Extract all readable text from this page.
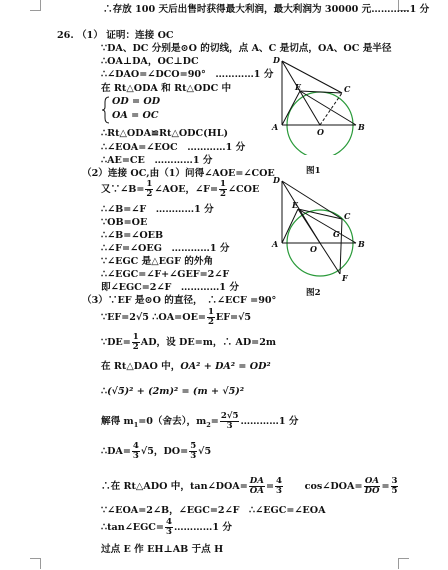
∴存放 100 天后出售时获得最大利润，最大利润为 30000 元…………1 分
26. （1） 证明：连接 OC
∵DA、DC 分别是⊙O 的切线，点 A、C 是切点，OA、OC 是半径
∴OA⊥DA，OC⊥DC
∴∠DAO=∠DCO=90°　…………1 分
在 Rt△ODA 和 Rt△ODC 中
OD = OD
OA = OC
∴Rt△ODA≌Rt△ODC(HL)
∴∠EOA=∠EOC　…………1 分
∴AE=CE　…………1 分
（2）连接 OC,由（1）问得∠AOE=∠COE
又∵∠B= $\frac{1}{2}$ ∠AOE，∠F= $\frac{1}{2}$ ∠COE
∴∠B=∠F　…………1 分
∵OB=OE
∴∠B=∠OEB
∴∠F=∠OEG　…………1 分
∵∠EGC 是△EGF 的外角
∴∠EGC=∠F+∠GEF=2∠F
即∠EGC=2∠F　…………1 分
（3）∵EF 是⊙O 的直径，　∴∠ECF =90°
∵EF=2√5 ∴OA=OE= $\frac{1}{2} EF=√5$
∵DE= $\frac{1}{2}$ AD，设 DE=m，∴ AD=2m
在 Rt△DAO 中，OA² + DA² = OD²
∴(√5)² + (2m)² = (m + √5)²
解得 $m_1=0$（舍去），$m_2= \frac{2√5}{3}$ …………1 分
∴DA= $\frac{4}{3} √5$，$DO= \frac{5}{3} √5$
∴在 Rt△ADO 中，tan∠DOA= $\frac{DA}{OA} = \frac{4}{3}$ cos∠DOA= $\frac{OA}{DO} = \frac{3}{5}$
∵∠EOA=2∠B，∠EGC=2∠F　∴∠EGC=∠EOA
∴tan∠EGC= $\frac{4}{3}$ …………1 分
过点 E 作 EH⊥AB 于点 H
D
A	B
C
E
O
图1
D
A	B
C
E
O
G
F
图2
